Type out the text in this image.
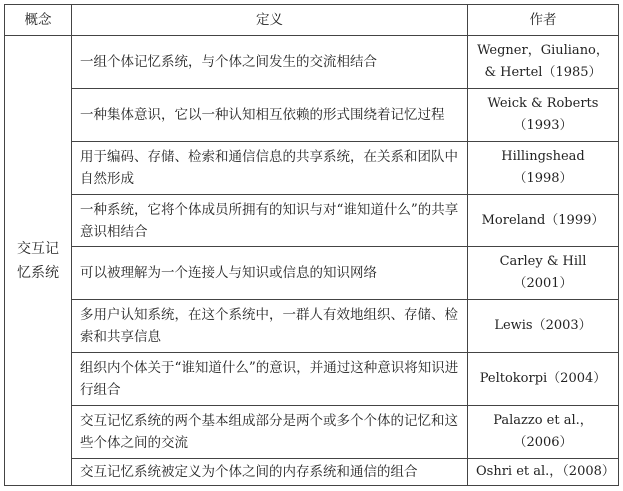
概念	定义	作者
交互记忆系统	一组个体记忆系统，与个体之间发生的交流相结合	Wegner，Giuliano，& Hertel（1985）
	一种集体意识，它以一种认知相互依赖的形式围绕着记忆过程	Weick & Roberts（1993）
	用于编码、存储、检索和通信信息的共享系统，在关系和团队中自然形成	Hillingshead（1998）
	一种系统，它将个体成员所拥有的知识与对“谁知道什么”的共享意识相结合	Moreland（1999）
	可以被理解为一个连接人与知识或信息的知识网络	Carley & Hill（2001）
	多用户认知系统，在这个系统中，一群人有效地组织、存储、检索和共享信息	Lewis（2003）
	组织内个体关于“谁知道什么”的意识，并通过这种意识将知识进行组合	Peltokorpi（2004）
	交互记忆系统的两个基本组成部分是两个或多个个体的记忆和这些个体之间的交流	Palazzo et al.，（2006）
	交互记忆系统被定义为个体之间的内存系统和通信的组合	Oshri et al.，（2008）
